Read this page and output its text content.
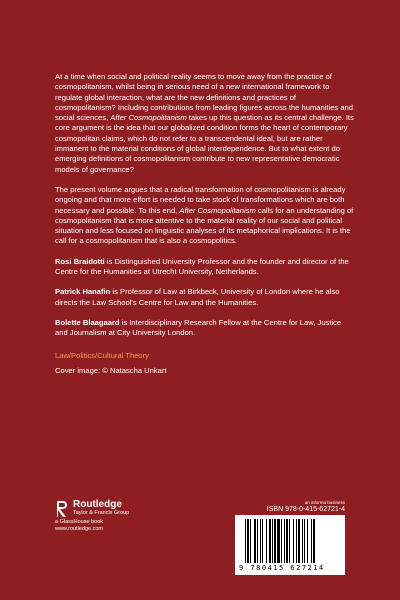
At a time when social and political reality seems to move away from the practice of cosmopolitanism, whilst being in serious need of a new international framework to regulate global interaction, what are the new definitions and practices of cosmopolitanism? Including contributions from leading figures across the humanities and social sciences, After Cosmopolitanism takes up this question as its central challenge. Its core argument is the idea that our globalized condition forms the heart of contemporary cosmopolitan claims, which do not refer to a transcendental ideal, but are rather immanent to the material conditions of global interdependence. But to what extent do emerging definitions of cosmopolitanism contribute to new representative democratic models of governance?

The present volume argues that a radical transformation of cosmopolitanism is already ongoing and that more effort is needed to take stock of transformations which are both necessary and possible. To this end, After Cosmopolitanism calls for an understanding of cosmopolitanism that is more attentive to the material reality of our social and political situation and less focused on linguistic analyses of its metaphorical implications. It is the call for a cosmopolitanism that is also a cosmopolitics.

Rosi Braidotti is Distinguished University Professor and the founder and director of the Centre for the Humanities at Utrecht University, Netherlands.

Patrick Hanafin is Professor of Law at Birkbeck, University of London where he also directs the Law School's Centre for Law and the Humanities.

Bolette Blaagaard is Interdisciplinary Research Fellow at the Centre for Law, Justice and Journalism at City University London.

Law/Politics/Cultural Theory

Cover image: © Natascha Unkart

Routledge
Taylor & Francis Group
a GlassHouse book
www.routledge.com
an informa business
ISBN 978-0-415-62721-4
9 780415 627214
